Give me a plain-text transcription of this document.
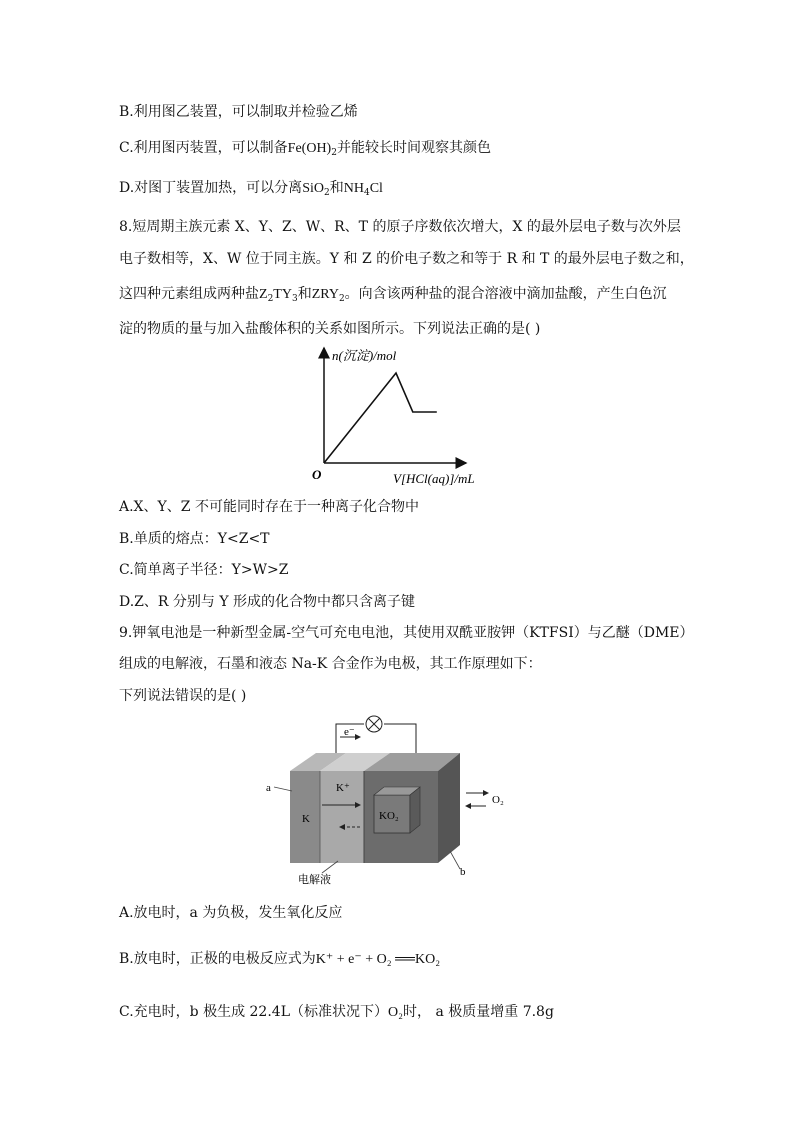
B.利用图乙装置，可以制取并检验乙烯
C.利用图丙装置，可以制备$Fe(OH)_2$并能较长时间观察其颜色
D.对图丁装置加热，可以分离SiO$_2$和$NH_4Cl$
8.短周期主族元素 X、Y、Z、W、R、T 的原子序数依次增大，X 的最外层电子数与次外层
电子数相等，X、W 位于同主族。Y 和 Z 的价电子数之和等于 R 和 T 的最外层电子数之和，
这四种元素组成两种盐$Z_2TY_3$和$ZRY_2$。向含该两种盐的混合溶液中滴加盐酸，产生白色沉
淀的物质的量与加入盐酸体积的关系如图所示。下列说法正确的是( )
n(沉淀)/mol
V[HCl(aq)]/mL
O
A.X、Y、Z 不可能同时存在于一种离子化合物中
B.单质的熔点：Y<Z<T
C.简单离子半径：Y>W>Z
D.Z、R 分别与 Y 形成的化合物中都只含离子键
9.钾氧电池是一种新型金属-空气可充电电池，其使用双酰亚胺钾（KTFSI）与乙醚（DME）
组成的电解液，石墨和液态 Na-K 合金作为电极，其工作原理如下：
下列说法错误的是( )
e⁻
KO₂
K
K⁺
O₂
a
b
电解液
A.放电时，a 为负极，发生氧化反应
B.放电时，正极的电极反应式为K⁺ + e⁻ + O₂ ══KO₂
C.充电时，b 极生成 22.4L（标准状况下）O₂时， a 极质量增重 7.8g
